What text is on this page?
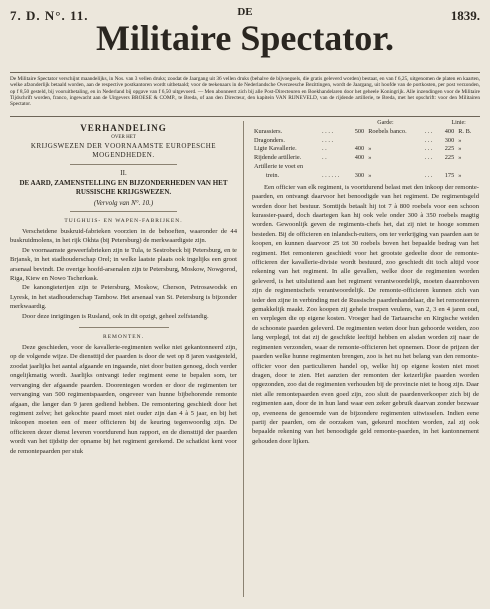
7. D. N°. 11.	DE
Militaire Spectator.
1839.
De Militaire Spectator verschijnt maandelijks, in Nos. van 3 vellen druks; zoodat de Jaargang uit 36 vellen druks (behalve de bijvoegsels, die gratis geleverd worden) bestaat, en van f 6,25, uitgenomen de platen en kaarten, welke afzonderlijk betaald worden, aan de respective postkantoren wordt uitbetaald; voor de teekenaars in de Nederlandsche Overzeesche Bezittingen, wordt de Jaargang, uit hoofde van de portkosten, per post verzonden, op f 8,50 gesteld, bij vooruitbetaling, en in Nederland bij opgave van f 6,50 uitgevoerd. — Men abonneert zich bij alle Post-Directeuren en Boekhandelaren door het geheele Koningrijk. Alle inzendingen voor de Militaire Tijdschrift worden, franco, ingewacht aan de Uitgevers BROESE & COMP., te Breda, of aan den Directeur, den kapitein VAN RIJNEVELD, van de rijdende artillerie, te Breda, met het opschrift: voor den Militairen Spectator.
VERHANDELING
OVER HET
KRIJGSWEZEN DER VOORNAAMSTE EUROPESCHE MOGENDHEDEN.
II.
DE AARD, ZAMENSTELLING EN BIJZONDERHEDEN VAN HET RUSSISCHE KRIJGSWEZEN.
(Vervolg van N°. 10.)
TUIGHUIS- EN WAPEN-FABRIJKEN.

Verscheidene buskruid-fabrieken voorzien in de behoeften, waaronder de 44 buskruidmolens, in het rijk Okhta (bij Petersburg) de merkwaardigste zijn.

De voornaamste geweerfabrieken zijn te Tula, te Sestrobeck bij Petersburg, en te Brjansk, in het stadhouderschap Orel; in welke laatste plaats ook ingelijks een groot arsenaal bevindt. De overige hoofd-arsenalen zijn te Petersburg, Moskow, Nowgorod, Riga, Kiew en Nowo Tscherkask.

De kanongieterijen zijn te Petersburg, Moskow, Cherson, Petrosawodsk en Lyresk, in het stadhouderschap Tambow. Het arsenaal van St. Petersburg is bijzonder merkwaardig.

Door deze inrigtingen is Rusland, ook in dit opzigt, geheel zelfstandig.

REMONTEN.

Deze geschieden, voor de kavallerie-regimenten welke niet gekantonneerd zijn, op de volgende wijze. De diensttijd der paarden is door de wet op 8 jaren vastgesteld, zoodat jaarlijks het aantal afgaande en ingaande, niet door buiten genoeg, doch verder ongelijkmatig wordt. Jaarlijks ontvangt ieder regiment eene te bepalen som, ter vervanging der afgaande paarden. Doorentegen worden er door de regimenten ter vervanging van 500 regimentspaarden, ongeveer van hunne bijbehorende remonte afgaan, die langer dan 9 jaren gediend hebben. De remontering geschiedt door het regiment zelve; het gekochte paard moet niet ouder zijn dan 4 à 5 jaar, en bij het inkoopen moeten een of meer officieren bij de keuring tegenwoordig zijn. De officieren dezer dienst leveren voortdurend hun rapport, en de diensttijd der paarden wordt van het tijdstip der opname bij het regiment gerekend. De schatkist kent voor de remontepaarden per stuk

		Garde:			Linie:	
Kurassiers.	. . . .	500	Roebels banco.	. . .	400	R. B.
Dragonders.	. . . .			. . .	300	»
Ligte Kavallerie.	. .	400	»	. . .	225	»
Rijdende artillerie.	. .	400	»	. . .	225	»
Artillerie te voet en						
trein.	. . . . . .	300	»	. . .	175	»

Een officier van elk regiment, is voortdurend belast met den inkoop der remonte-paarden, en ontvangt daarvoor het benoodigde van het regiment. De regimentsgeld worden door het bestuur. Somtijds betaalt hij tot 7 à 800 roebels voor een schoon kurassier-paard, doch daartegen kan hij ook vele onder 300 à 350 roebels magtig worden. Gewoonlijk geven de regiments-chefs het, dat zij niet te hooge sommen besteden. Bij de officieren en inlandsch-ruiters, om ter verkrijging van paarden aan te koopen, en kunnen daarvoor 25 tot 30 roebels boven het bepaalde bedrag van het regiment. Het remonteren geschiedt voor het grootste gedeelte door de remonte-officieren der kavallerie-divisie wordt bestuurd, zoo geschiedt dit toch altijd voor rekening van het regiment. In alle gevallen, welke door de regimenten worden geleverd, is het uitsluitend aan het regiment verantwoordelijk, moeten daarenboven zijn de regimentschefs verantwoordelijk. De remonte-officieren kunnen zich van ieder den zijne in verbinding met de Russische paardenhandelaar, die het remonteeren gemakkelijk maakt. Zoo koopen zij gehele troepen veulens, van 2, 3 en 4 jaren oud, en verplegen die op eigene kosten. Vroeger had de Tartaarsche en Kirgische weiden de schoonste paarden geleverd. De regimenten weten door hun gehoorde weiden, zoo lang verplegd, tot dat zij de geschikte leeftijd hebben en alsdan worden zij naar de regimenten verzonden, waar de remonte-officieren het opnemen. Door de prijzen der paarden welke hunne regimenten brengen, zoo is het nu het belang van den remonte-officier voor den particulieren handel op, welke hij op eigene kosten niet moet dragen, door te zien. Het aanzien der remonten der keizerlijke paarden worden opgezonden, zoo dat de regimenten verhouden bij de provincie niet te hoog zijn. Daar niet alle remontepaarden even goed zijn, zoo sluit de paardenverkooper zich bij de regimenten aan, door de in hun land waar een zeker gebruik daarvan zonder bezwaar op, eveneens de genoemde van de bijzondere regimenten uitwisselen. Indien eene partij der paarden, om de oorzaken van, gekeurd mochten worden, zal zij ook bepaalde rekening van het benoodigde geld remonte-paarden, in het kantonnement gehouden door lijken.
